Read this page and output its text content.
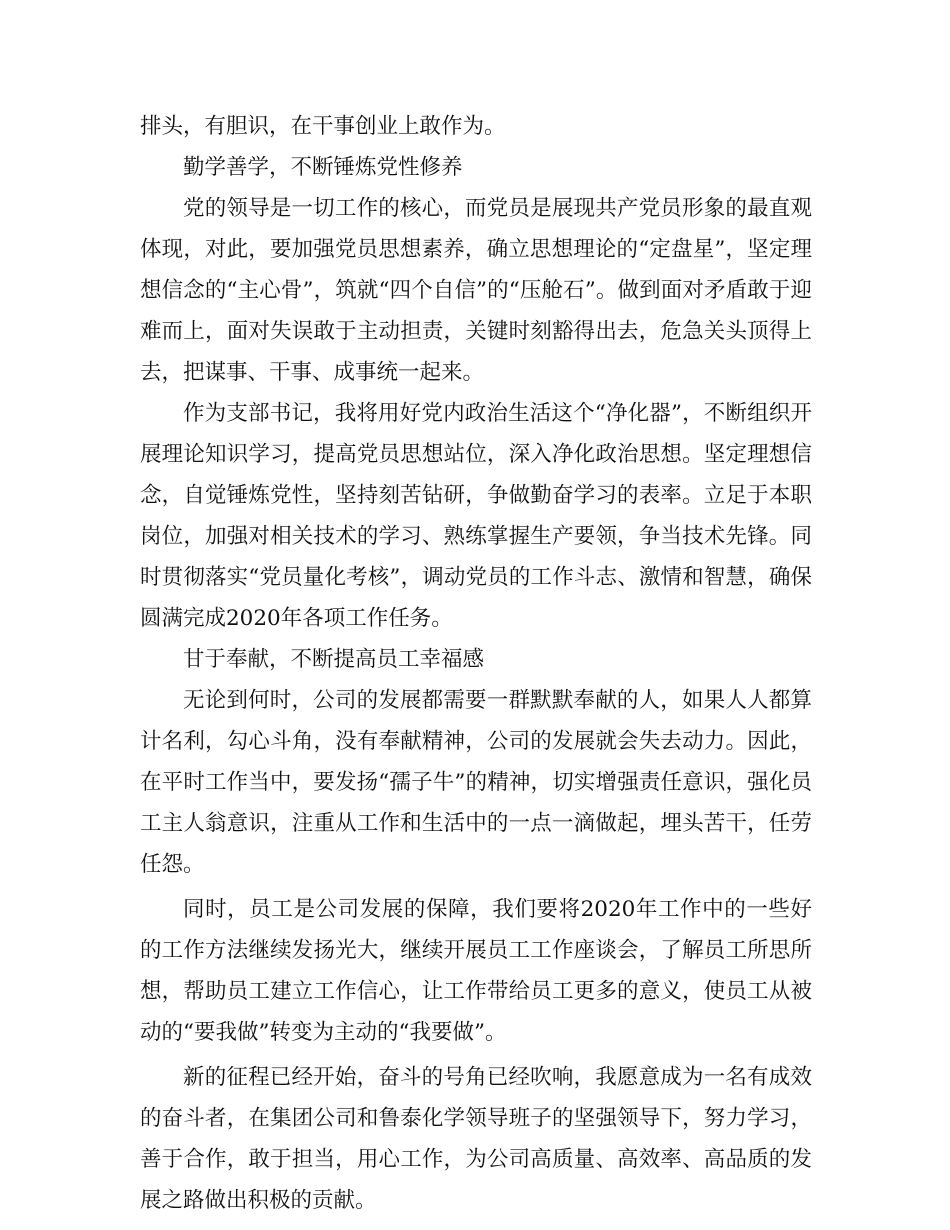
排头，有胆识，在干事创业上敢作为。

勤学善学，不断锤炼党性修养

党的领导是一切工作的核心，而党员是展现共产党员形象的最直观体现，对此，要加强党员思想素养，确立思想理论的“定盘星”，坚定理想信念的“主心骨”，筑就“四个自信”的“压舱石”。做到面对矛盾敢于迎难而上，面对失误敢于主动担责，关键时刻豁得出去，危急关头顶得上去，把谋事、干事、成事统一起来。

作为支部书记，我将用好党内政治生活这个“净化器”，不断组织开展理论知识学习，提高党员思想站位，深入净化政治思想。坚定理想信念，自觉锤炼党性，坚持刻苦钻研，争做勤奋学习的表率。立足于本职岗位，加强对相关技术的学习、熟练掌握生产要领，争当技术先锋。同时贯彻落实“党员量化考核”，调动党员的工作斗志、激情和智慧，确保圆满完成2020年各项工作任务。

甘于奉献，不断提高员工幸福感

无论到何时，公司的发展都需要一群默默奉献的人，如果人人都算计名利，勾心斗角，没有奉献精神，公司的发展就会失去动力。因此，在平时工作当中，要发扬“孺子牛”的精神，切实增强责任意识，强化员工主人翁意识，注重从工作和生活中的一点一滴做起，埋头苦干，任劳任怨。

同时，员工是公司发展的保障，我们要将2020年工作中的一些好的工作方法继续发扬光大，继续开展员工工作座谈会，了解员工所思所想，帮助员工建立工作信心，让工作带给员工更多的意义，使员工从被动的“要我做”转变为主动的“我要做”。

新的征程已经开始，奋斗的号角已经吹响，我愿意成为一名有成效的奋斗者，在集团公司和鲁泰化学领导班子的坚强领导下，努力学习，善于合作，敢于担当，用心工作，为公司高质量、高效率、高品质的发展之路做出积极的贡献。
